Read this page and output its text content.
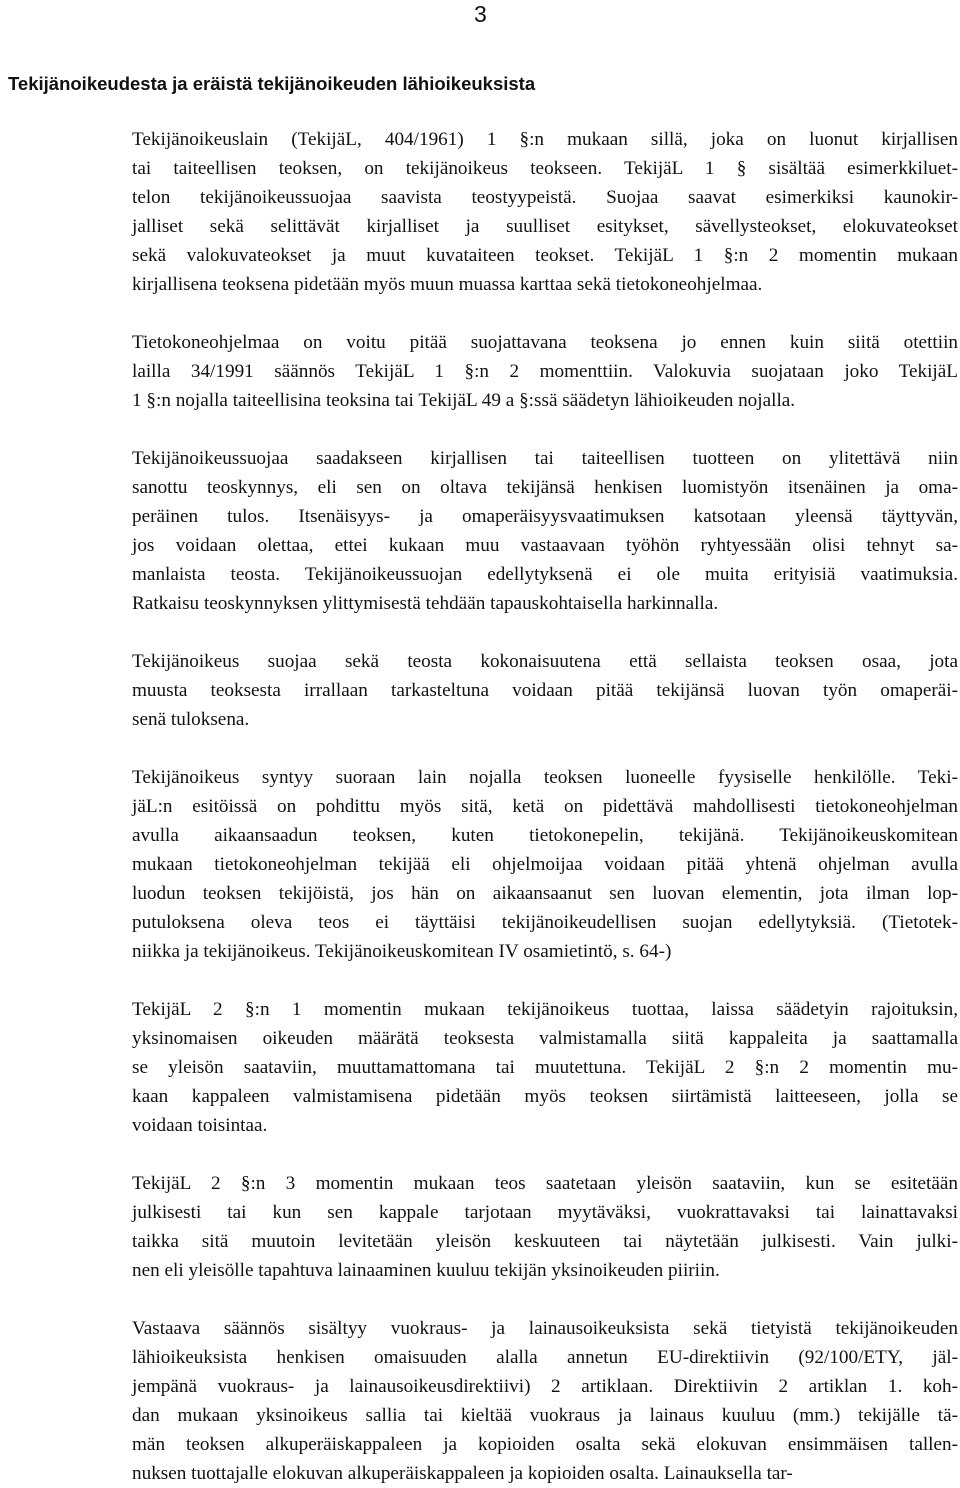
3
Tekijänoikeudesta ja eräistä tekijänoikeuden lähioikeuksista
Tekijänoikeuslain (TekijäL, 404/1961) 1 §:n mukaan sillä, joka on luonut kirjallisen
tai taiteellisen teoksen, on tekijänoikeus teokseen. TekijäL 1 § sisältää esimerkkiluet-
telon tekijänoikeussuojaa saavista teostyypeistä. Suojaa saavat esimerkiksi kaunokir-
jalliset sekä selittävät kirjalliset ja suulliset esitykset, sävellysteokset, elokuvateokset
sekä valokuvateokset ja muut kuvataiteen teokset. TekijäL 1 §:n 2 momentin mukaan
kirjallisena teoksena pidetään myös muun muassa karttaa sekä tietokoneohjelmaa.
Tietokoneohjelmaa on voitu pitää suojattavana teoksena jo ennen kuin siitä otettiin
lailla 34/1991 säännös TekijäL 1 §:n 2 momenttiin. Valokuvia suojataan joko TekijäL
1 §:n nojalla taiteellisina teoksina tai TekijäL 49 a §:ssä säädetyn lähioikeuden nojalla.
Tekijänoikeussuojaa saadakseen kirjallisen tai taiteellisen tuotteen on ylitettävä niin
sanottu teoskynnys, eli sen on oltava tekijänsä henkisen luomistyön itsenäinen ja oma-
peräinen tulos. Itsenäisyys- ja omaperäisyysvaatimuksen katsotaan yleensä täyttyvän,
jos voidaan olettaa, ettei kukaan muu vastaavaan työhön ryhtyessään olisi tehnyt sa-
manlaista teosta. Tekijänoikeussuojan edellytyksenä ei ole muita erityisiä vaatimuksia.
Ratkaisu teoskynnyksen ylittymisestä tehdään tapauskohtaisella harkinnalla.
Tekijänoikeus suojaa sekä teosta kokonaisuutena että sellaista teoksen osaa, jota
muusta teoksesta irrallaan tarkasteltuna voidaan pitää tekijänsä luovan työn omaperäi-
senä tuloksena.
Tekijänoikeus syntyy suoraan lain nojalla teoksen luoneelle fyysiselle henkilölle. Teki-
jäL:n esitöissä on pohdittu myös sitä, ketä on pidettävä mahdollisesti tietokoneohjelman
avulla aikaansaadun teoksen, kuten tietokonepelin, tekijänä. Tekijänoikeuskomitean
mukaan tietokoneohjelman tekijää eli ohjelmoijaa voidaan pitää yhtenä ohjelman avulla
luodun teoksen tekijöistä, jos hän on aikaansaanut sen luovan elementin, jota ilman lop-
putuloksena oleva teos ei täyttäisi tekijänoikeudellisen suojan edellytyksiä. (Tietotek-
niikka ja tekijänoikeus. Tekijänoikeuskomitean IV osamietintö, s. 64-)
TekijäL 2 §:n 1 momentin mukaan tekijänoikeus tuottaa, laissa säädetyin rajoituksin,
yksinomaisen oikeuden määrätä teoksesta valmistamalla siitä kappaleita ja saattamalla
se yleisön saataviin, muuttamattomana tai muutettuna. TekijäL 2 §:n 2 momentin mu-
kaan kappaleen valmistamisena pidetään myös teoksen siirtämistä laitteeseen, jolla se
voidaan toisintaa.
TekijäL 2 §:n 3 momentin mukaan teos saatetaan yleisön saataviin, kun se esitetään
julkisesti tai kun sen kappale tarjotaan myytäväksi, vuokrattavaksi tai lainattavaksi
taikka sitä muutoin levitetään yleisön keskuuteen tai näytetään julkisesti. Vain julki-
nen eli yleisölle tapahtuva lainaaminen kuuluu tekijän yksinoikeuden piiriin.
Vastaava säännös sisältyy vuokraus- ja lainausoikeuksista sekä tietyistä tekijänoikeuden
lähioikeuksista henkisen omaisuuden alalla annetun EU-direktiivin (92/100/ETY, jäl-
jempänä vuokraus- ja lainausoikeusdirektiivi) 2 artiklaan. Direktiivin 2 artiklan 1. koh-
dan mukaan yksinoikeus sallia tai kieltää vuokraus ja lainaus kuuluu (mm.) tekijälle tä-
män teoksen alkuperäiskappaleen ja kopioiden osalta sekä elokuvan ensimmäisen tallen-
nuksen tuottajalle elokuvan alkuperäiskappaleen ja kopioiden osalta. Lainauksella tar-
